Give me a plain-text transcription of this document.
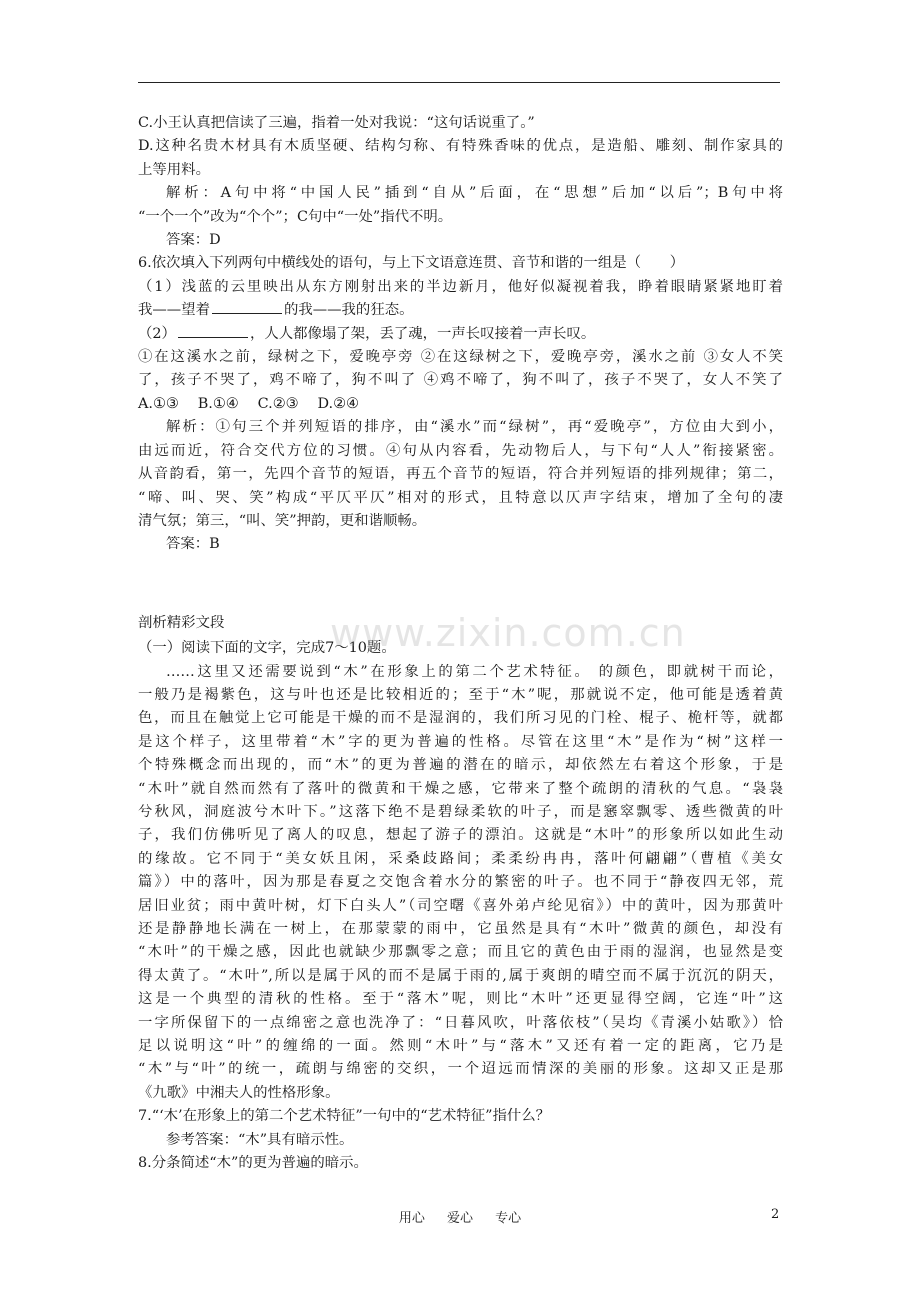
C.小王认真把信读了三遍，指着一处对我说：“这句话说重了。”

D.这种名贵木材具有木质坚硬、结构匀称、有特殊香味的优点，是造船、雕刻、制作家具的

上等用料。

解析：A句中将“中国人民”插到“自从”后面，在“思想”后加“以后”；B句中将

“一个一个”改为“个个”；C句中“一处”指代不明。

答案：D

6.依次填入下列两句中横线处的语句，与上下文语意连贯、音节和谐的一组是（　　）

（1）浅蓝的云里映出从东方刚射出来的半边新月，他好似凝视着我，睁着眼睛紧紧地盯着

我——望着	的我——我的狂态。

（2）	，人人都像塌了架，丢了魂，一声长叹接着一声长叹。

①在这溪水之前，绿树之下，爱晚亭旁 ②在这绿树之下，爱晚亭旁，溪水之前 ③女人不笑

了，孩子不哭了，鸡不啼了，狗不叫了 ④鸡不啼了，狗不叫了，孩子不哭了，女人不笑了

A.①③　 B.①④　 C.②③　 D.②④

解析：①句三个并列短语的排序，由“溪水”而“绿树”，再“爱晚亭”，方位由大到小，

由远而近，符合交代方位的习惯。④句从内容看，先动物后人，与下句“人人”衔接紧密。

从音韵看，第一，先四个音节的短语，再五个音节的短语，符合并列短语的排列规律；第二，

“啼、叫、哭、笑”构成“平仄平仄”相对的形式，且特意以仄声字结束，增加了全句的凄

清气氛；第三，“叫、笑”押韵，更和谐顺畅。

答案：B

剖析精彩文段

（一）阅读下面的文字，完成7～10题。

……这里又还需要说到“木”在形象上的第二个艺术特征。 的颜色，即就树干而论，

一般乃是褐紫色，这与叶也还是比较相近的；至于“木”呢，那就说不定，他可能是透着黄

色，而且在触觉上它可能是干燥的而不是湿润的，我们所习见的门栓、棍子、桅杆等，就都

是这个样子，这里带着“木”字的更为普遍的性格。尽管在这里“木”是作为“树”这样一

个特殊概念而出现的，而“木”的更为普遍的潜在的暗示，却依然左右着这个形象，于是

“木叶”就自然而然有了落叶的微黄和干燥之感，它带来了整个疏朗的清秋的气息。“袅袅

兮秋风，洞庭波兮木叶下。”这落下绝不是碧绿柔软的叶子，而是窸窣飘零、透些微黄的叶

子，我们仿佛听见了离人的叹息，想起了游子的漂泊。这就是“木叶”的形象所以如此生动

的缘故。它不同于“美女妖且闲，采桑歧路间；柔柔纷冉冉，落叶何翩翩”（曹植《美女

篇》）中的落叶，因为那是春夏之交饱含着水分的繁密的叶子。也不同于“静夜四无邻，荒

居旧业贫；雨中黄叶树，灯下白头人”（司空曙《喜外弟卢纶见宿》）中的黄叶，因为那黄叶

还是静静地长满在一树上，在那蒙蒙的雨中，它虽然是具有“木叶”微黄的颜色，却没有

“木叶”的干燥之感，因此也就缺少那飘零之意；而且它的黄色由于雨的湿润，也显然是变

得太黄了。“木叶”,所以是属于风的而不是属于雨的,属于爽朗的晴空而不属于沉沉的阴天，

这是一个典型的清秋的性格。至于“落木”呢，则比“木叶”还更显得空阔，它连“叶”这

一字所保留下的一点绵密之意也洗净了：“日暮风吹，叶落依枝”（吴均《青溪小姑歌》）恰

足以说明这“叶”的缠绵的一面。然则“木叶”与“落木”又还有着一定的距离，它乃是

“木”与“叶”的统一，疏朗与绵密的交织，一个迢远而情深的美丽的形象。这却又正是那

《九歌》中湘夫人的性格形象。

7.“‘木’在形象上的第二个艺术特征”一句中的“艺术特征”指什么？

参考答案：“木”具有暗示性。

8.分条简述“木”的更为普遍的暗示。

www.zixin.com.cn
用心 爱心 专心	2
